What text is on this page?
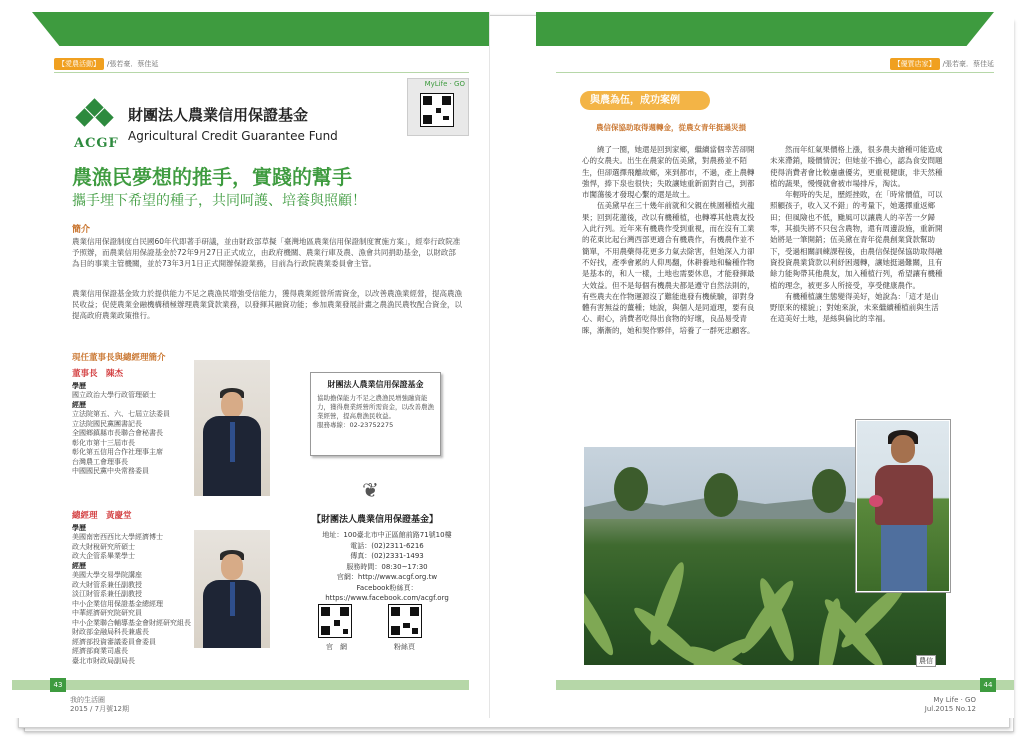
【愛農活動】 /張若豪．蔡佳延
ACGF
財團法人農業信用保證基金
Agricultural Credit Guarantee Fund
MyLife · GO
農漁民夢想的推手，實踐的幫手
攜手埋下希望的種子，共同呵護、培養與照顧！
簡介
農業信用保證制度自民國60年代即著手研議，並由財政部草擬「臺灣地區農業信用保證制度實施方案」，經奉行政院准予照辦，而農業信用保證基金於72年9月27日正式成立，由政府機關、農業行庫及農、漁會共同捐助基金，以財政部為目的事業主管機關，並於73年3月1日正式開辦保證業務，目前為行政院農業委員會主管。
農業信用保證基金致力於提供能力不足之農漁民增強受信能力，獲得農業經營所需資金，以改善農漁業經營，提高農漁民收益；促使農業金融機構積極辦理農業貸款業務，以發揮其融資功能；參加農業發展計畫之農漁民農牧配合資金，以提高政府農業政策推行。
現任董事長與總經理簡介
董事長　陳杰
學歷
國立政治大學行政管理碩士
經歷
立法院第五、六、七屆立法委員
立法院國民黨團書記長
全國鄉鎮縣市長聯合會秘書長
彰化市第十三屆市長
彰化第五信用合作社理事主席
台灣農工會理事長
中國國民黨中央常務委員
總經理　黃慶堂
學歷
美國南密西西比大學經濟博士
政大財稅研究所碩士
政大企管系畢業學士
經歷
美國大學交易學院講座
政大財管系兼任副教授
淡江財管系兼任副教授
中小企業信用保證基金總經理
中華經濟研究院研究員
中小企業聯合輔導基金會財經研究組長
財政部金融局科長兼處長
經濟部投資審議委員會委員
經濟部商業司處長
臺北市財政局副局長
財團法人農業信用保證基金
協助擔保能力不足之農漁民增強融資能力，獲得農業經營所需資金，以改善農漁業經營，提高農漁民收益。
服務專線：02-23752275
❦
【財團法人農業信用保證基金】
地址：100臺北市中正區館前路71號10樓
電話：(02)2311-6216
傳真：(02)2331-1493
服務時間：08:30~17:30
官網：http://www.acgf.org.tw
Facebook粉絲頁：https://www.facebook.com/acgf.org
官　網	粉絲頁
43
我的生活圈
2015 / 7月號12期
【優質店家】 /張若豪．蔡佳延
與農為伍，成功案例
農信保協助取得週轉金，從農女青年挺過災損

繞了一圈，她還是回到家鄉，繼續當個幸苦卻開心的女農夫。出生在農家的伍美黛，對農務並不陌生，但卻選擇飛離故鄉，來到都市，不過，產上農轉強悍，捧下泉也很快；失敗讓她重新面對自己，到都市闖蕩後才發現心繫的還是故土。

伍美黛早在三十幾年前就和父親在桃園種植火龍果；回到花蓮後，改以有機種植，也轉導其他農友投入此行列。近年來有機農作受到重視，而在沒有工業的花東比起台灣西部更適合有機農作，有機農作並不簡單，不用農藥得花更多力氣去除害，但她深入力卻不好找，產季會累的人仰馬翻，休耕養地和輪種作物是基本的，和人一樣，土地也需要休息，才能發揮最大效益。但不是每個有機農夫都是遵守自然法則的，有些農夫在作物運源沒了難能進發有機統驗，卻對身體有害無益的薑種；她說，與個人是同道理，要有良心、耐心，消費者吃得出食物的好壞，良品易受青睞，漸漸的，她和契作夥伴，培養了一群死忠顧客。

然而年紅氣果價格上漲，很多農夫搶種可能造成未來滯銷，賤價情況；但她並不擔心，認為食安問題使得消費者會比較慮慮優劣，更重視健康，非天然種植的蔬果，慢慢就會被市場排斥，淘汰。

年輕時的失足，歷經挫敗，在「時常價值，可以照顧孩子，收入又不錯」的考量下，她選擇重返鄉田；但風險也不低，颱風可以讓農人的辛苦一夕歸零，其損失將不只包含農物，還有周邊設施，重新開始將是一筆開銷；伍美黛在青年從農創業貸款幫助下，受過相關訓練課程後，由農信保提保協助取得融資投資農業貸款以利紓困週轉，讓她挺過難關，且有餘力能夠帶其他農友，加入種植行列，希望讓有機種植的理念，被更多人所接受，享受健康農作。

有機種植讓生態變得美好，她說為：「這才是山野原來的樣貌」；對她來說，未來繼續種植前與生活在這美好土地，是絲與倫比的幸福。

農信
44
My Life · GO
Jul.2015 No.12
